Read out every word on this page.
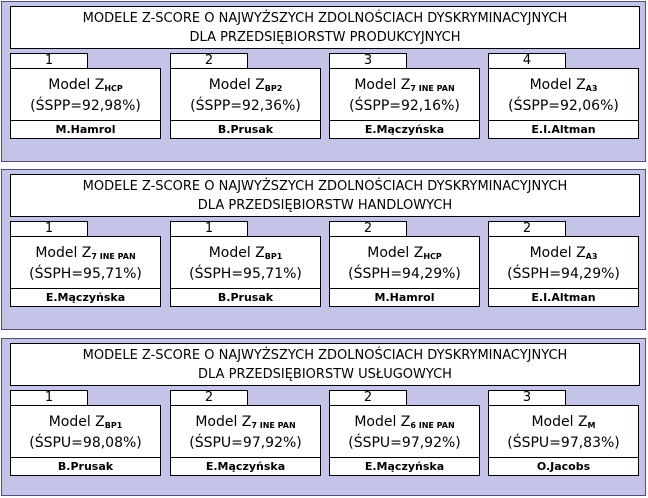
MODELE Z-SCORE O NAJWYŻSZYCH ZDOLNOŚCIACH DYSKRYMINACYJNYCH
DLA PRZEDSIĘBIORSTW PRODUKCYJNYCH
1
Model $Z_{HCP}$
(ŚSPP=92,98%)
M.Hamrol
2
Model $Z_{BP2}$
(ŚSPP=92,36%)
B.Prusak
3
Model $Z_{7 INE PAN}$
(ŚSPP=92,16%)
E.Mączyńska
4
Model $Z_{A3}$
(ŚSPP=92,06%)
E.I.Altman
MODELE Z-SCORE O NAJWYŻSZYCH ZDOLNOŚCIACH DYSKRYMINACYJNYCH
DLA PRZEDSIĘBIORSTW HANDLOWYCH
1
Model $Z_{7 INE PAN}$
(ŚSPH=95,71%)
E.Mączyńska
1
Model $Z_{BP1}$
(ŚSPH=95,71%)
B.Prusak
2
Model $Z_{HCP}$
(ŚSPH=94,29%)
M.Hamrol
2
Model $Z_{A3}$
(ŚSPH=94,29%)
E.I.Altman
MODELE Z-SCORE O NAJWYŻSZYCH ZDOLNOŚCIACH DYSKRYMINACYJNYCH
DLA PRZEDSIĘBIORSTW USŁUGOWYCH
1
Model $Z_{BP1}$
(ŚSPU=98,08%)
B.Prusak
2
Model $Z_{7 INE PAN}$
(ŚSPU=97,92%)
E.Mączyńska
2
Model $Z_{6 INE PAN}$
(ŚSPU=97,92%)
E.Mączyńska
3
Model $Z_M$
(ŚSPU=97,83%)
O.Jacobs
